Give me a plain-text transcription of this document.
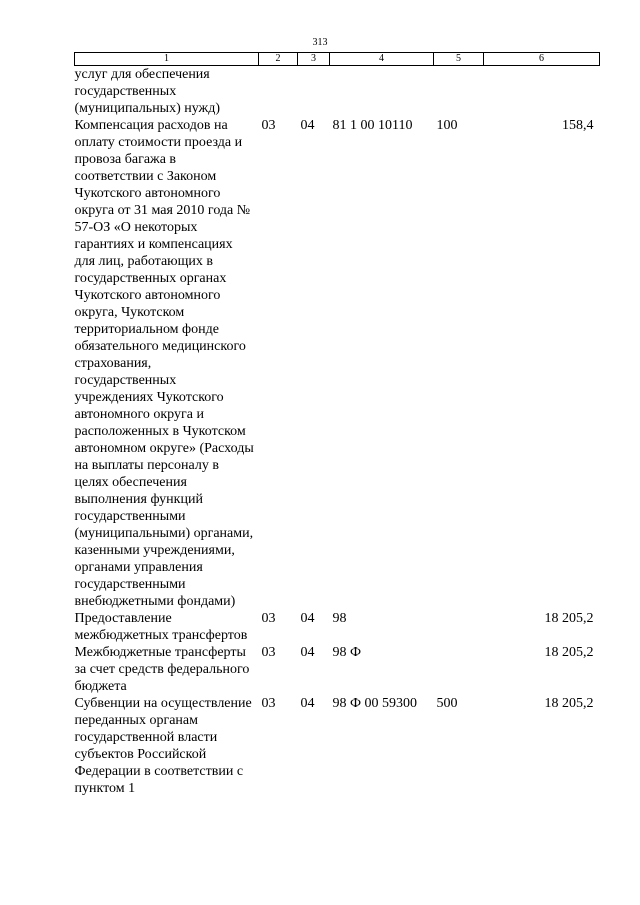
313
1	2	3	4	5	6
услуг для обеспечения государственных (муниципальных) нужд)					
Компенсация расходов на оплату стоимости проезда и провоза багажа в соответствии с Законом Чукотского автономного округа от 31 мая 2010 года № 57-ОЗ «О некоторых гарантиях и компенсациях для лиц, работающих в государственных органах Чукотского автономного округа, Чукотском территориальном фонде обязательного медицинского страхования, государственных учреждениях Чукотского автономного округа и расположенных в Чукотском автономном округе» (Расходы на выплаты персоналу в целях обеспечения выполнения функций государственными (муниципальными) органами, казенными учреждениями, органами управления государственными внебюджетными фондами)	03	04	81 1 00 10110	100	158,4
Предоставление межбюджетных трансфертов	03	04	98		18 205,2
Межбюджетные трансферты за счет средств федерального бюджета	03	04	98 Ф		18 205,2
Субвенции на осуществление переданных органам государственной власти субъектов Российской Федерации в соответствии с пунктом 1	03	04	98 Ф 00 59300	500	18 205,2
